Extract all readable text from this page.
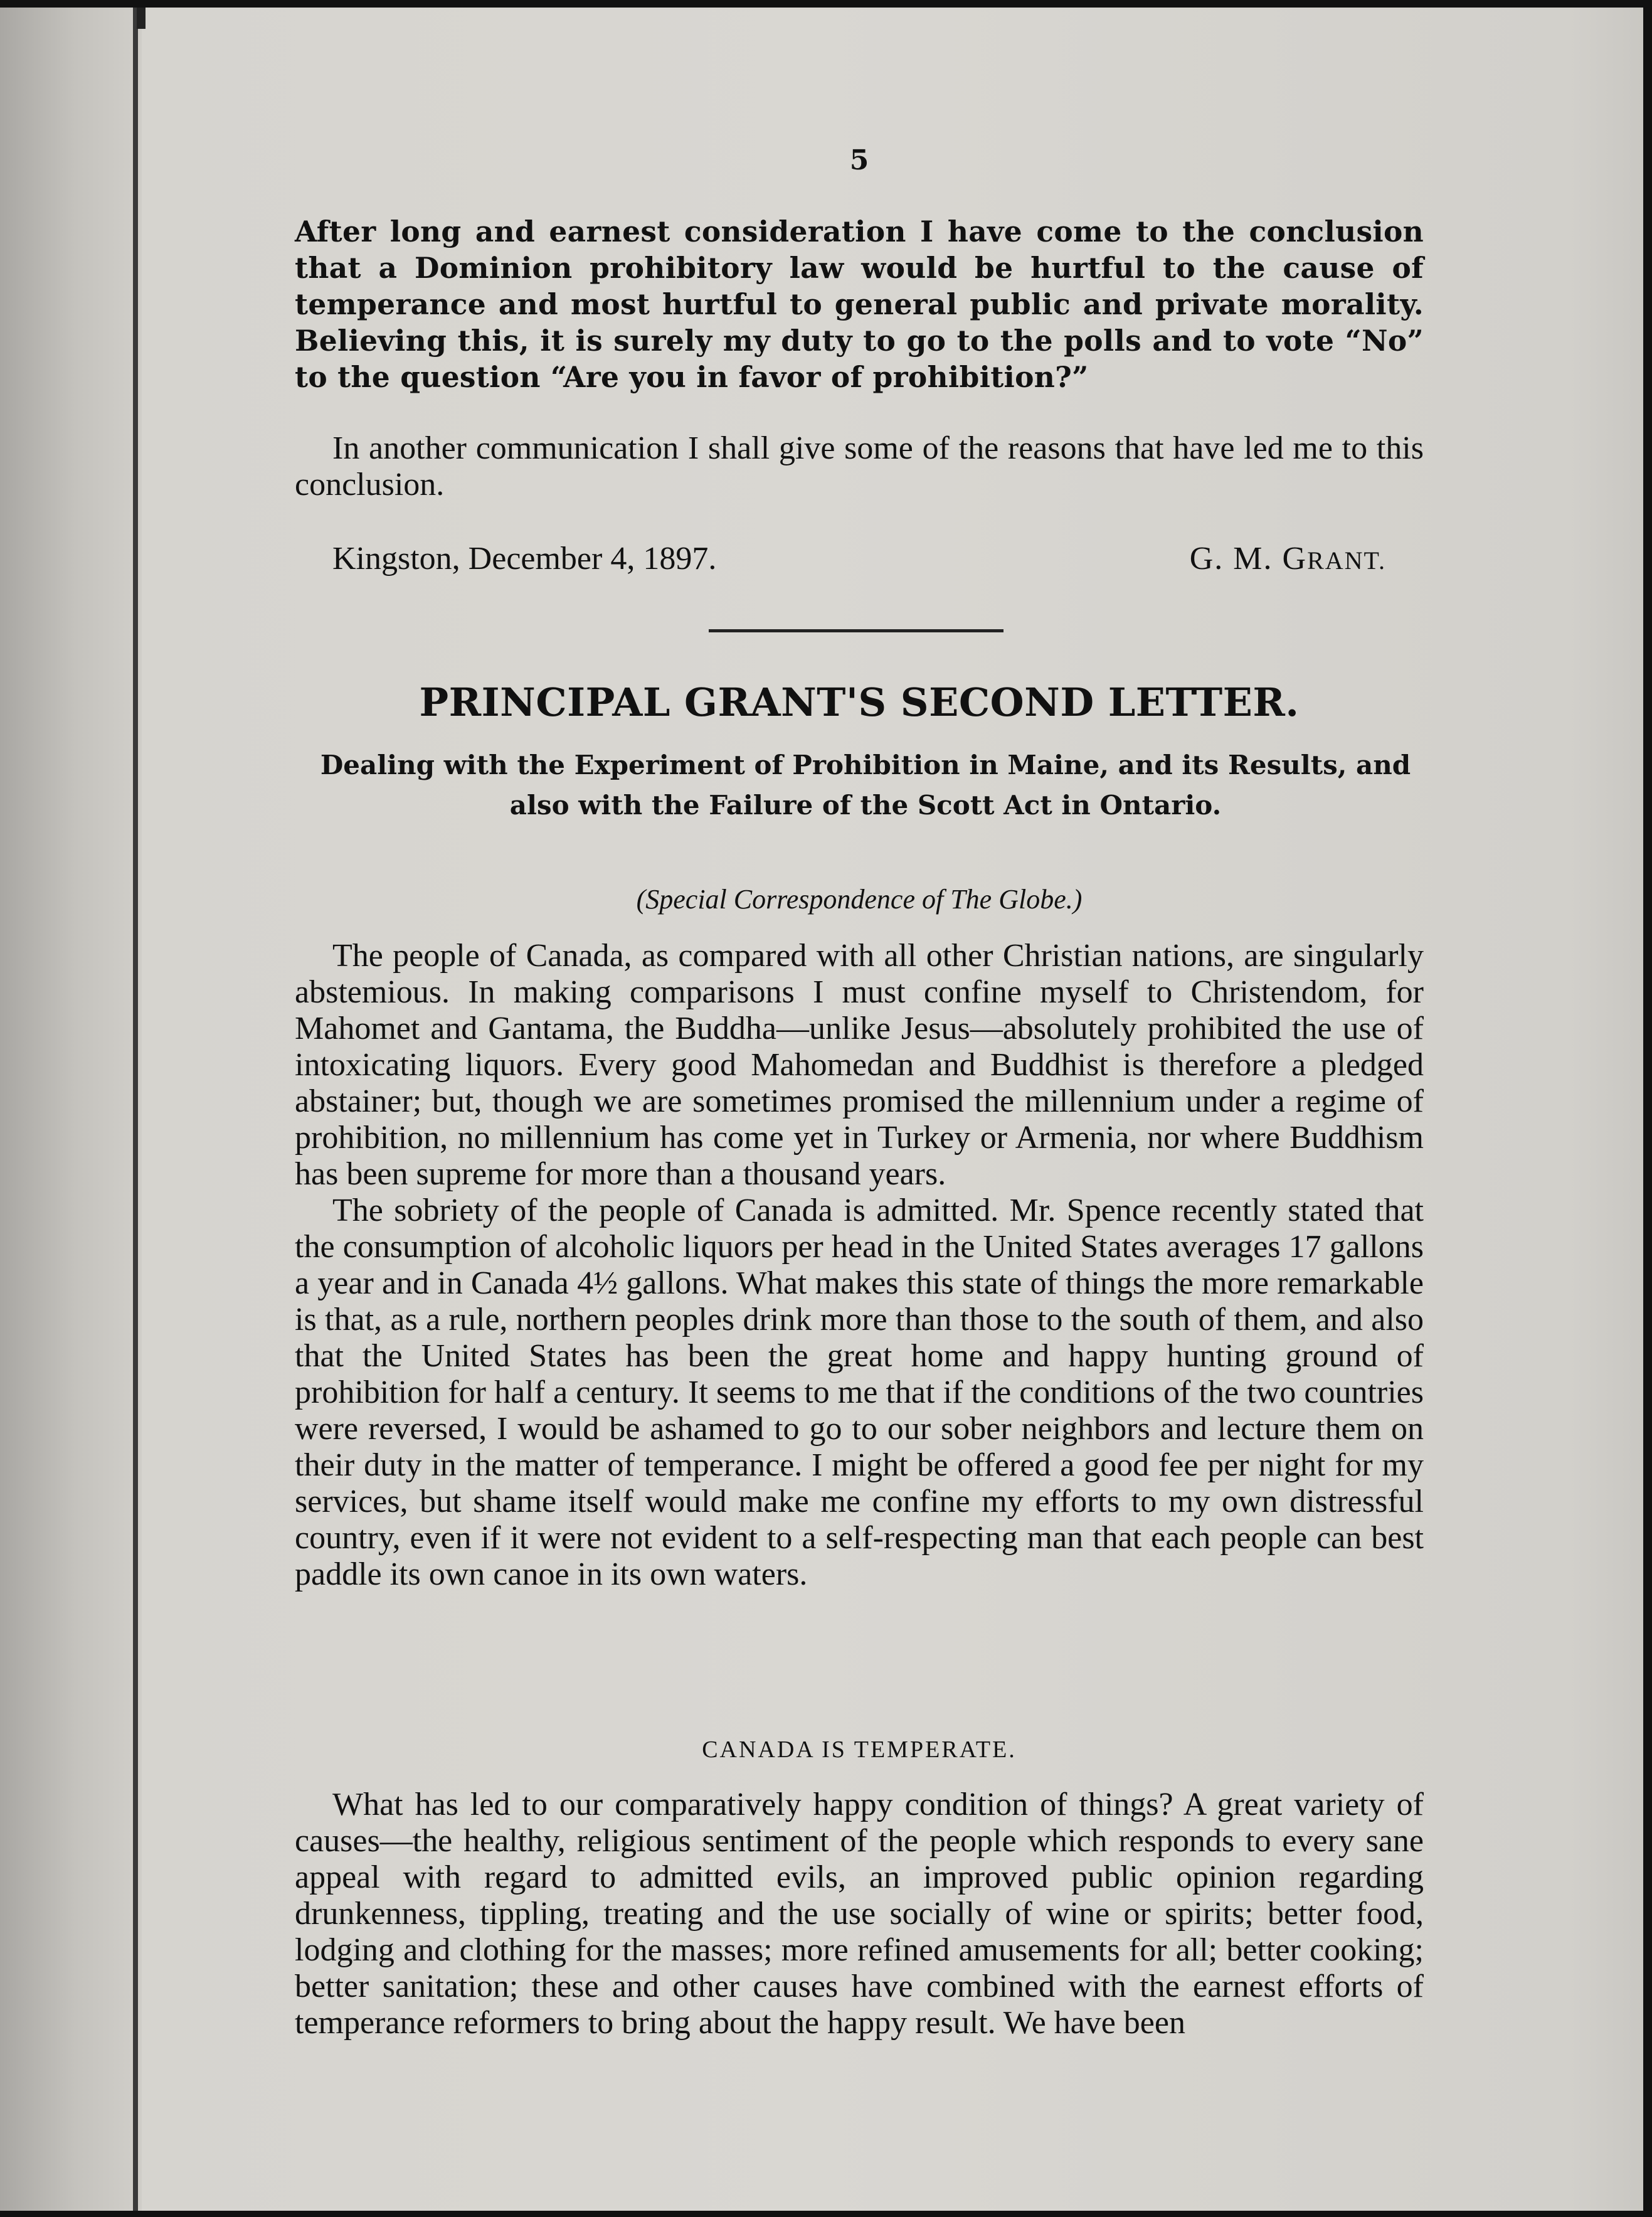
5

After long and earnest consideration I have come to the conclusion that a Dominion prohibitory law would be hurtful to the cause of temperance and most hurtful to general public and private morality. Believing this, it is surely my duty to go to the polls and to vote “No” to the question “Are you in favor of prohibition?”

In another communication I shall give some of the reasons that have led me to this conclusion.

Kingston, December 4, 1897.	G. M. GRANT.
PRINCIPAL GRANT'S SECOND LETTER.
Dealing with the Experiment of Prohibition in Maine, and its Results, and also with the Failure of the Scott Act in Ontario.
(Special Correspondence of The Globe.)

The people of Canada, as compared with all other Christian nations, are singularly abstemious. In making comparisons I must confine myself to Christendom, for Mahomet and Gantama, the Buddha—unlike Jesus—absolutely prohibited the use of intoxicating liquors. Every good Mahomedan and Buddhist is therefore a pledged abstainer; but, though we are sometimes promised the millennium under a regime of prohibition, no millennium has come yet in Turkey or Armenia, nor where Buddhism has been supreme for more than a thousand years.

The sobriety of the people of Canada is admitted. Mr. Spence recently stated that the consumption of alcoholic liquors per head in the United States averages 17 gallons a year and in Canada 4½ gallons. What makes this state of things the more remarkable is that, as a rule, northern peoples drink more than those to the south of them, and also that the United States has been the great home and happy hunting ground of prohibition for half a century. It seems to me that if the conditions of the two countries were reversed, I would be ashamed to go to our sober neighbors and lecture them on their duty in the matter of temperance. I might be offered a good fee per night for my services, but shame itself would make me confine my efforts to my own distressful country, even if it were not evident to a self-respecting man that each people can best paddle its own canoe in its own waters.

CANADA IS TEMPERATE.

What has led to our comparatively happy condition of things? A great variety of causes—the healthy, religious sentiment of the people which responds to every sane appeal with regard to admitted evils, an improved public opinion regarding drunkenness, tippling, treating and the use socially of wine or spirits; better food, lodging and clothing for the masses; more refined amusements for all; better cooking; better sanitation; these and other causes have combined with the earnest efforts of temperance reformers to bring about the happy result. We have been
